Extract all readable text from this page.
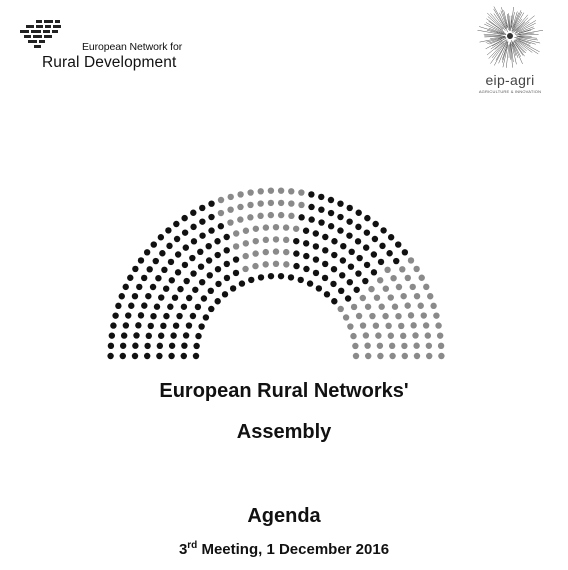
European Network for
Rural Development
eip-agri
AGRICULTURE & INNOVATION
European Rural Networks'
Assembly
Agenda
3rd Meeting, 1 December 2016
